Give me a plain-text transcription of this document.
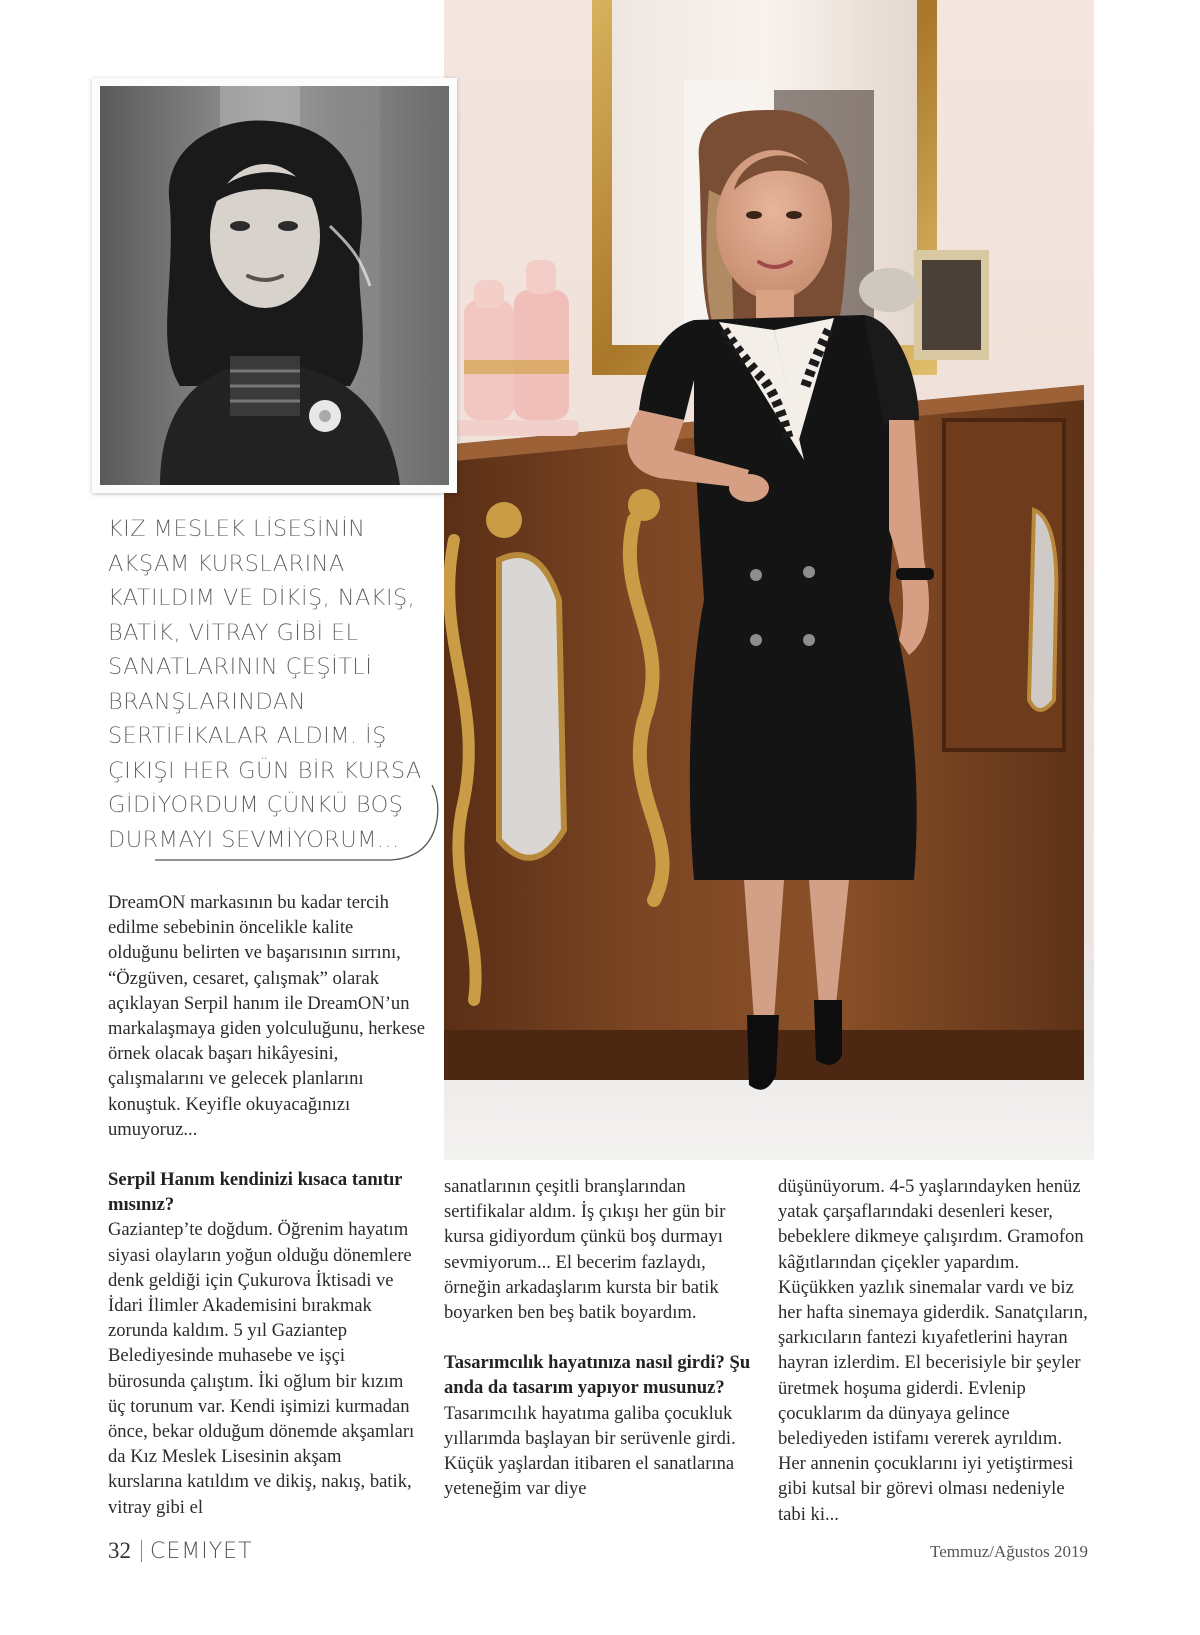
KIZ MESLEK LİSESİNİN AKŞAM KURSLARINA KATILDIM VE DİKİŞ, NAKIŞ, BATİK, VİTRAY GİBİ EL SANATLARININ ÇEŞİTLİ BRANŞLARINDAN SERTİFİKALAR ALDIM. İŞ ÇIKIŞI HER GÜN BİR KURSA GİDİYORDUM ÇÜNKÜ BOŞ DURMAYI SEVMİYORUM...

DreamON markasının bu kadar tercih edilme sebebinin öncelikle kalite olduğunu belirten ve başarısının sırrını, “Özgüven, cesaret, çalışmak” olarak açıklayan Serpil hanım ile DreamON’un markalaşmaya giden yolculuğunu, herkese örnek olacak başarı hikâyesini, çalışmalarını ve gelecek planlarını konuştuk. Keyifle okuyacağınızı umuyoruz...

Serpil Hanım kendinizi kısaca tanıtır mısınız?

Gaziantep’te doğdum. Öğrenim hayatım siyasi olayların yoğun olduğu dönemlere denk geldiği için Çukurova İktisadi ve İdari İlimler Akademisini bırakmak zorunda kaldım. 5 yıl Gaziantep Belediyesinde muhasebe ve işçi bürosunda çalıştım. İki oğlum bir kızım üç torunum var. Kendi işimizi kurmadan önce, bekar olduğum dönemde akşamları da Kız Meslek Lisesinin akşam kurslarına katıldım ve dikiş, nakış, batik, vitray gibi el

sanatlarının çeşitli branşlarından sertifikalar aldım. İş çıkışı her gün bir kursa gidiyordum çünkü boş durmayı sevmiyorum... El becerim fazlaydı, örneğin arkadaşlarım kursta bir batik boyarken ben beş batik boyardım.

Tasarımcılık hayatınıza nasıl girdi? Şu anda da tasarım yapıyor musunuz?

Tasarımcılık hayatıma galiba çocukluk yıllarımda başlayan bir serüvenle girdi. Küçük yaşlardan itibaren el sanatlarına yeteneğim var diye

düşünüyorum. 4-5 yaşlarındayken henüz yatak çarşaflarındaki desenleri keser, bebeklere dikmeye çalışırdım. Gramofon kâğıtlarından çiçekler yapardım. Küçükken yazlık sinemalar vardı ve biz her hafta sinemaya giderdik. Sanatçıların, şarkıcıların fantezi kıyafetlerini hayran hayran izlerdim. El becerisiyle bir şeyler üretmek hoşuma giderdi. Evlenip çocuklarım da dünyaya gelince belediyeden istifamı vererek ayrıldım. Her annenin çocuklarını iyi yetiştirmesi gibi kutsal bir görevi olması nedeniyle tabi ki...

32 CEMIYET	Temmuz/Ağustos 2019
